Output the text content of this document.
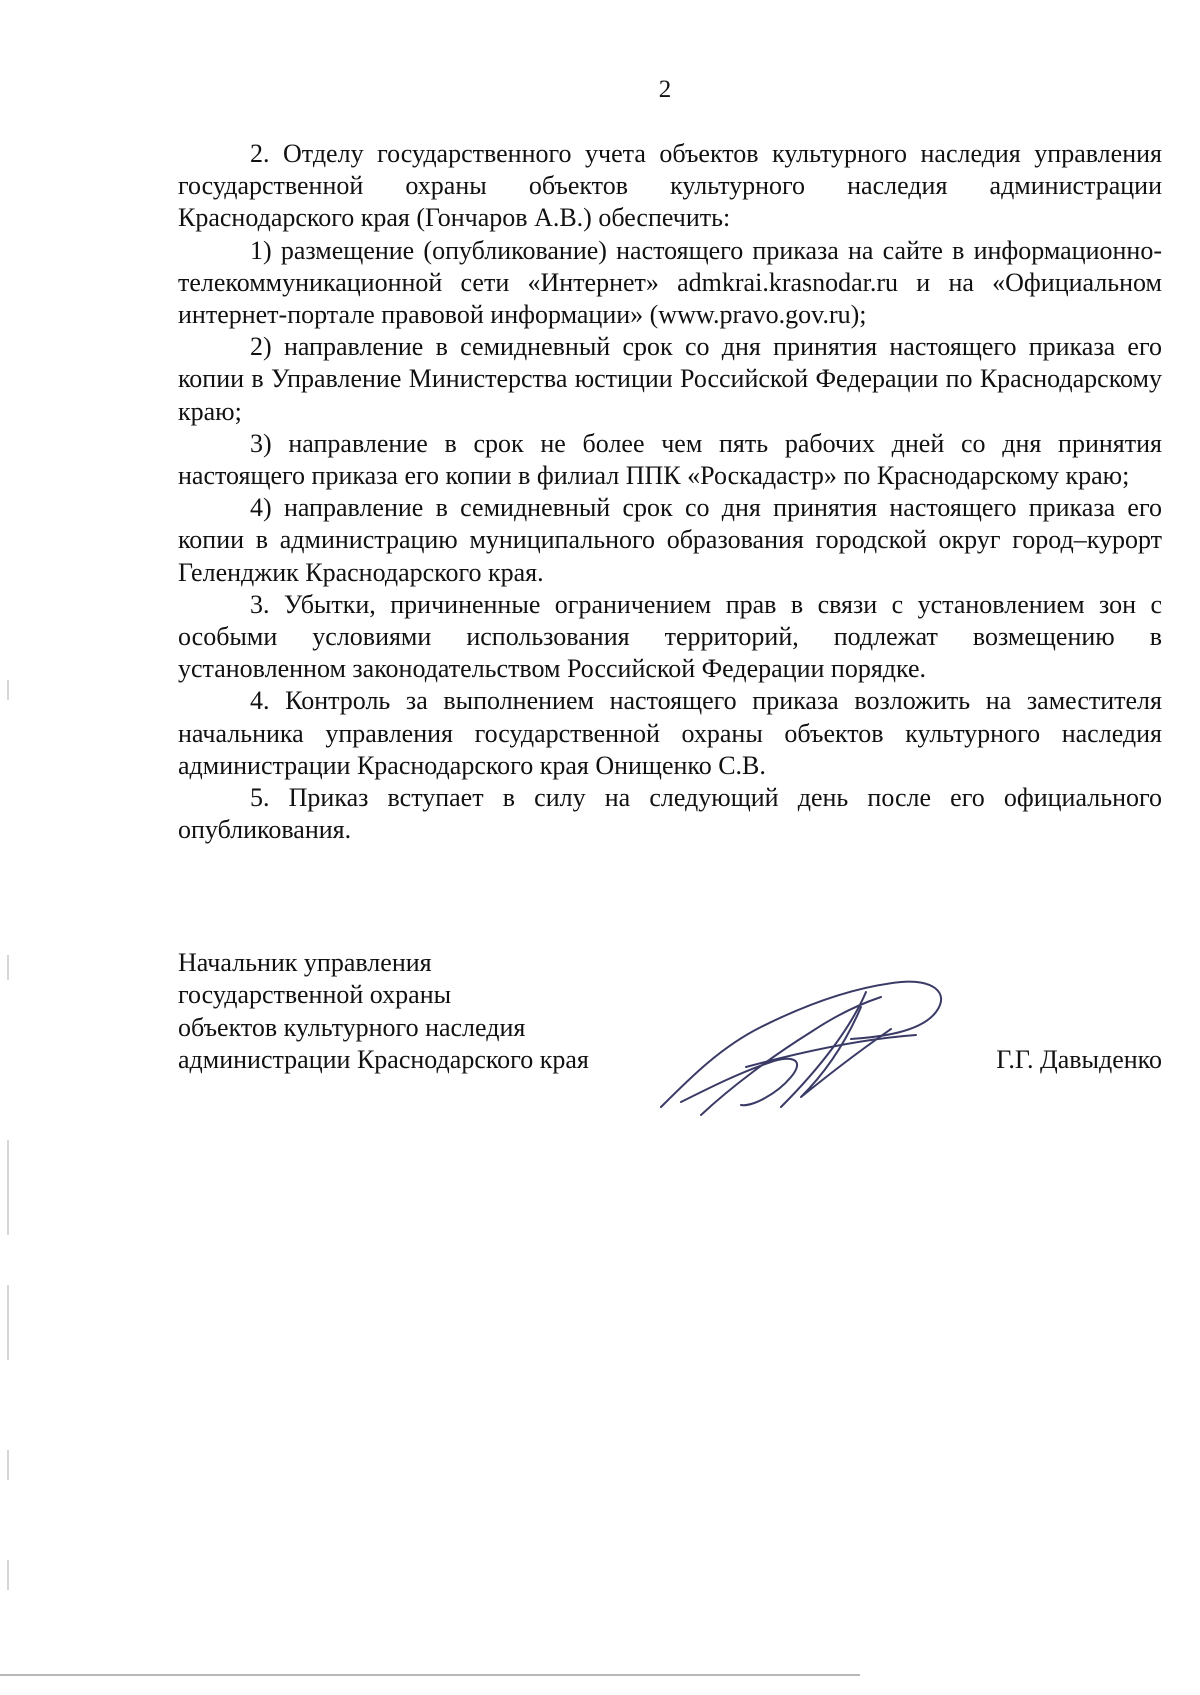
2

2. Отделу государственного учета объектов культурного наследия управления государственной охраны объектов культурного наследия администрации Краснодарского края (Гончаров А.В.) обеспечить:

1) размещение (опубликование) настоящего приказа на сайте в информационно-телекоммуникационной сети «Интернет» admkrai.krasnodar.ru и на «Официальном интернет-портале правовой информации» (www.pravo.gov.ru);

2) направление в семидневный срок со дня принятия настоящего приказа его копии в Управление Министерства юстиции Российской Федерации по Краснодарскому краю;

3) направление в срок не более чем пять рабочих дней со дня принятия настоящего приказа его копии в филиал ППК «Роскадастр» по Краснодарскому краю;

4) направление в семидневный срок со дня принятия настоящего приказа его копии в администрацию муниципального образования городской округ город–курорт Геленджик Краснодарского края.

3. Убытки, причиненные ограничением прав в связи с установлением зон с особыми условиями использования территорий, подлежат возмещению в установленном законодательством Российской Федерации порядке.

4. Контроль за выполнением настоящего приказа возложить на заместителя начальника управления государственной охраны объектов культурного наследия администрации Краснодарского края Онищенко С.В.

5. Приказ вступает в силу на следующий день после его официального опубликования.

Начальник управления
государственной охраны
объектов культурного наследия
администрации Краснодарского края	Г.Г. Давыденко
